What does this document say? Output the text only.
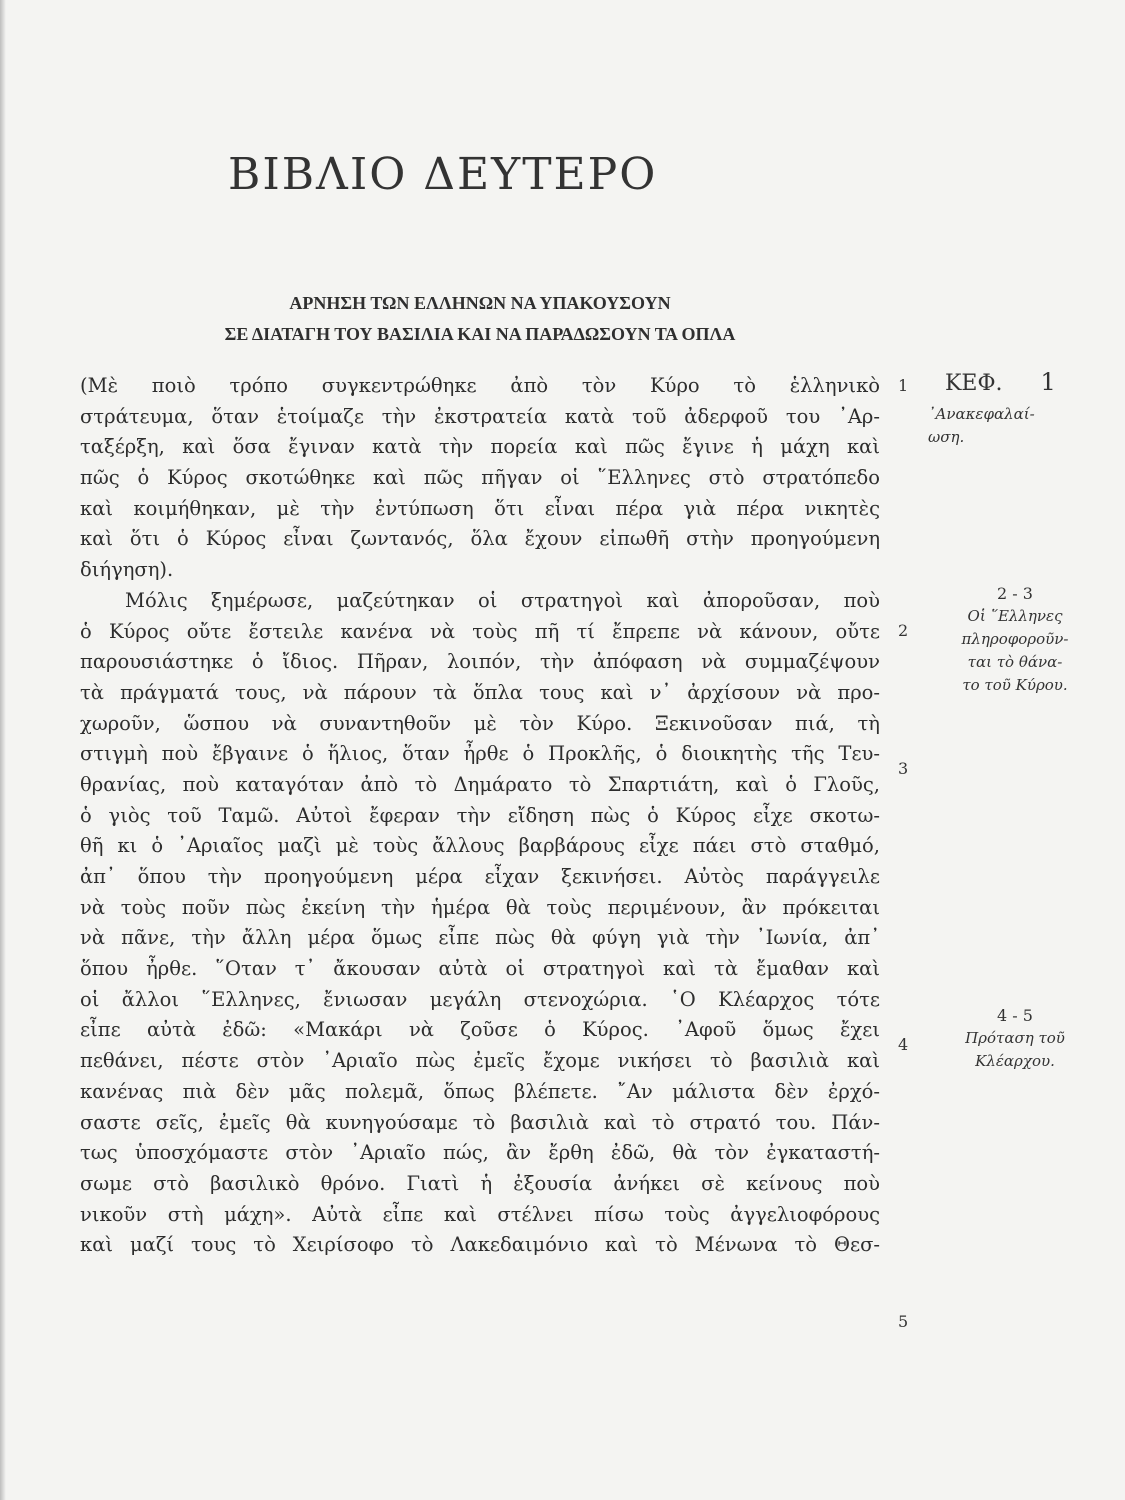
ΒΙΒΛΙΟ ΔΕΥΤΕΡΟ
ΑΡΝΗΣΗ ΤΩΝ ΕΛΛΗΝΩΝ ΝΑ ΥΠΑΚΟΥΣΟΥΝ
ΣΕ ΔΙΑΤΑΓΗ ΤΟΥ ΒΑΣΙΛΙΑ ΚΑΙ ΝΑ ΠΑΡΑΔΩΣΟΥΝ ΤΑ ΟΠΛΑ
(Μὲ ποιὸ τρόπο συγκεντρώθηκε ἀπὸ τὸν Κύρο τὸ ἑλληνικὸ
στράτευμα, ὅταν ἑτοίμαζε τὴν ἐκστρατεία κατὰ τοῦ ἀδερφοῦ του ᾿Αρ-
ταξέρξη, καὶ ὅσα ἔγιναν κατὰ τὴν πορεία καὶ πῶς ἔγινε ἡ μάχη καὶ
πῶς ὁ Κύρος σκοτώθηκε καὶ πῶς πῆγαν οἱ ῞Ελληνες στὸ στρατόπεδο
καὶ κοιμήθηκαν, μὲ τὴν ἐντύπωση ὅτι εἶναι πέρα γιὰ πέρα νικητὲς
καὶ ὅτι ὁ Κύρος εἶναι ζωντανός, ὅλα ἔχουν εἰπωθῆ στὴν προηγούμενη
διήγηση).
Μόλις ξημέρωσε, μαζεύτηκαν οἱ στρατηγοὶ καὶ ἀποροῦσαν, ποὺ
ὁ Κύρος οὔτε ἔστειλε κανένα νὰ τοὺς πῆ τί ἔπρεπε νὰ κάνουν, οὔτε
παρουσιάστηκε ὁ ἴδιος. Πῆραν, λοιπόν, τὴν ἀπόφαση νὰ συμμαζέψουν
τὰ πράγματά τους, νὰ πάρουν τὰ ὅπλα τους καὶ ν᾿ ἀρχίσουν νὰ προ-
χωροῦν, ὥσπου νὰ συναντηθοῦν μὲ τὸν Κύρο. Ξεκινοῦσαν πιά, τὴ
στιγμὴ ποὺ ἔβγαινε ὁ ἥλιος, ὅταν ἦρθε ὁ Προκλῆς, ὁ διοικητὴς τῆς Τευ-
θρανίας, ποὺ καταγόταν ἀπὸ τὸ Δημάρατο τὸ Σπαρτιάτη, καὶ ὁ Γλοῦς,
ὁ γιὸς τοῦ Ταμῶ. Αὐτοὶ ἔφεραν τὴν εἴδηση πὼς ὁ Κύρος εἶχε σκοτω-
θῆ κι ὁ ᾿Αριαῖος μαζὶ μὲ τοὺς ἄλλους βαρβάρους εἶχε πάει στὸ σταθμό,
ἀπ᾿ ὅπου τὴν προηγούμενη μέρα εἶχαν ξεκινήσει. Αὐτὸς παράγγειλε
νὰ τοὺς ποῦν πὼς ἐκείνη τὴν ἡμέρα θὰ τοὺς περιμένουν, ἂν πρόκειται
νὰ πᾶνε, τὴν ἄλλη μέρα ὅμως εἶπε πὼς θὰ φύγη γιὰ τὴν ᾿Ιωνία, ἀπ᾿
ὅπου ἦρθε. ῞Οταν τ᾿ ἄκουσαν αὐτὰ οἱ στρατηγοὶ καὶ τὰ ἔμαθαν καὶ
οἱ ἄλλοι ῞Ελληνες, ἔνιωσαν μεγάλη στενοχώρια. ῾Ο Κλέαρχος τότε
εἶπε αὐτὰ ἐδῶ: «Μακάρι νὰ ζοῦσε ὁ Κύρος. ᾿Αφοῦ ὅμως ἔχει
πεθάνει, πέστε στὸν ᾿Αριαῖο πὼς ἐμεῖς ἔχομε νικήσει τὸ βασιλιὰ καὶ
κανένας πιὰ δὲν μᾶς πολεμᾶ, ὅπως βλέπετε. ῎Αν μάλιστα δὲν ἐρχό-
σαστε σεῖς, ἐμεῖς θὰ κυνηγούσαμε τὸ βασιλιὰ καὶ τὸ στρατό του. Πάν-
τως ὑποσχόμαστε στὸν ᾿Αριαῖο πώς, ἂν ἔρθη ἐδῶ, θὰ τὸν ἐγκαταστή-
σωμε στὸ βασιλικὸ θρόνο. Γιατὶ ἡ ἐξουσία ἀνήκει σὲ κείνους ποὺ
νικοῦν στὴ μάχη». Αὐτὰ εἶπε καὶ στέλνει πίσω τοὺς ἀγγελιοφόρους
καὶ μαζί τους τὸ Χειρίσοφο τὸ Λακεδαιμόνιο καὶ τὸ Μένωνα τὸ Θεσ-
1
2
3
4
5
ΚΕΦ. 1
᾿Ανακεφαλαί-
ωση.
2 - 3
Οἱ ῞Ελληνες
πληροφοροῦν-
ται τὸ θάνα-
το τοῦ Κύρου.
4 - 5
Πρόταση τοῦ
Κλέαρχου.
